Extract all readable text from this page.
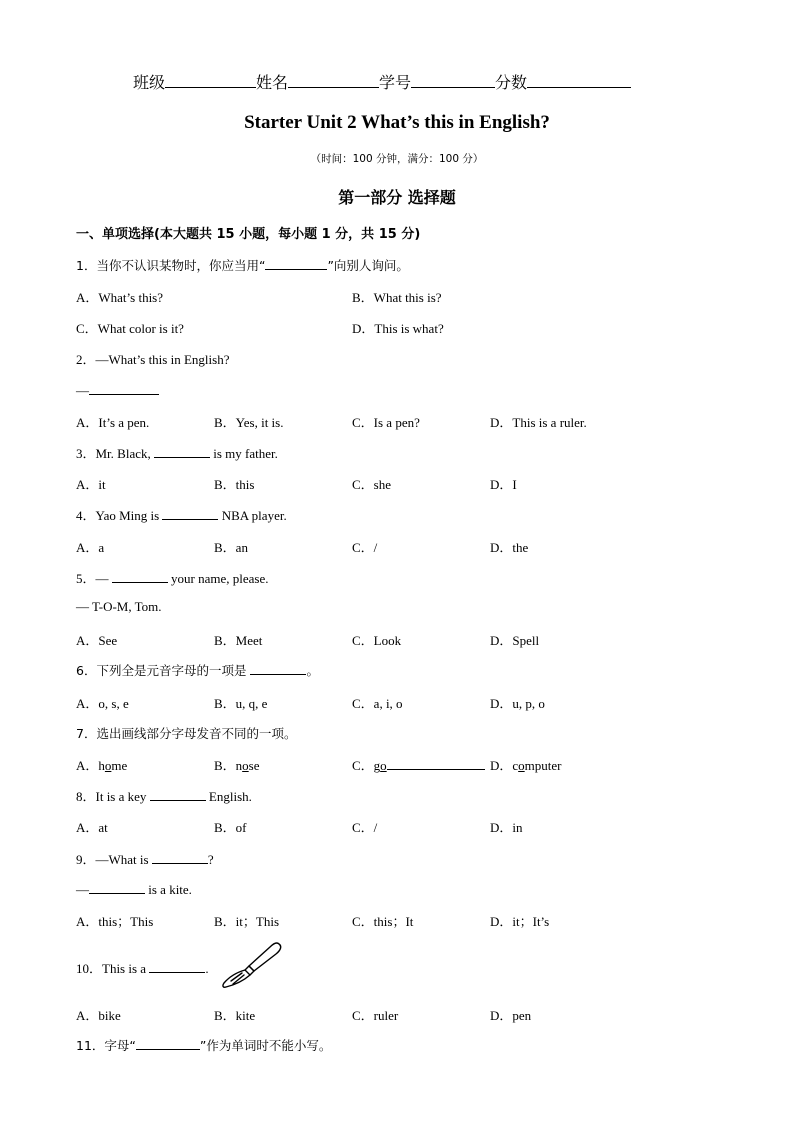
班级	姓名	学号	分数
Starter Unit 2 What’s this in English?
（时间：100 分钟，满分：100 分）
第一部分 选择题
一、单项选择(本大题共 15 小题，每小题 1 分，共 15 分)
1．当你不认识某物时，你应当用“	”向别人询问。
A．What’s this?	B．What this is?
C．What color is it?	D．This is what?
2．—What’s this in English?
—
A．It’s a pen.	B．Yes, it is.	C．Is a pen?	D．This is a ruler.
3．Mr. Black,	is my father.
A．it	B．this	C．she	D．I
4．Yao Ming is	NBA player.
A．a	B．an	C．/	D．the
5．—	your name, please.
— T-O-M, Tom.
A．See	B．Meet	C．Look	D．Spell
6．下列全是元音字母的一项是	。
A．o, s, e	B．u, q, e	C．a, i, o	D．u, p, o
7．选出画线部分字母发音不同的一项。
A．home	B．nose	C．go	D．computer
8．It is a key	English.
A．at	B．of	C．/	D．in
9．—What is	?
—	is a kite.
A．this；This	B．it；This	C．this；It	D．it；It’s
10．This is a	.
A．bike	B．kite	C．ruler	D．pen
11．字母“	”作为单词时不能小写。
